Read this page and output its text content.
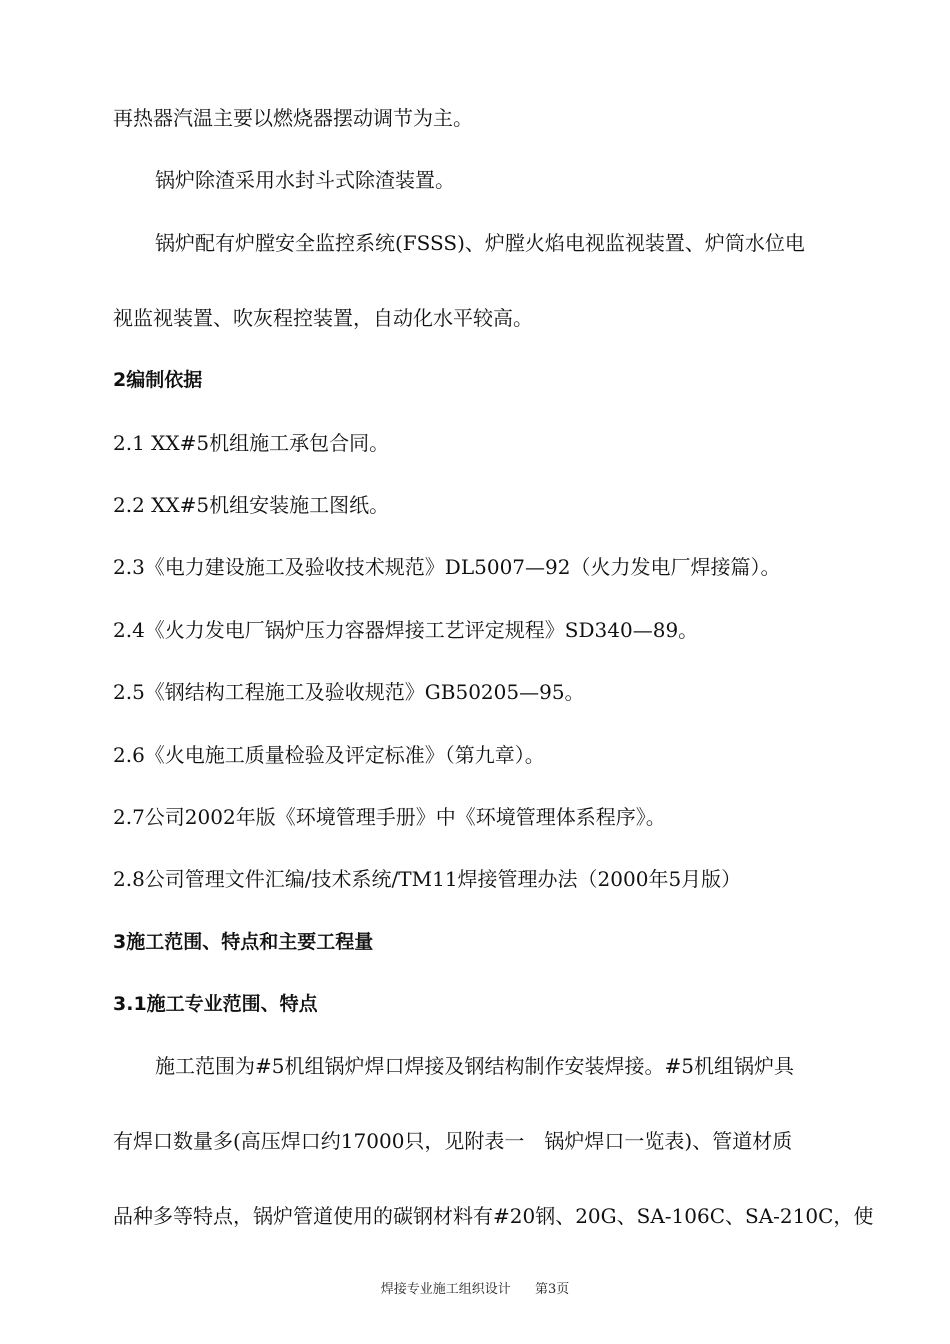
再热器汽温主要以燃烧器摆动调节为主。

锅炉除渣采用水封斗式除渣装置。

锅炉配有炉膛安全监控系统(FSSS)、炉膛火焰电视监视装置、炉筒水位电

视监视装置、吹灰程控装置，自动化水平较高。

2编制依据

2.1 XX#5机组施工承包合同。

2.2 XX#5机组安装施工图纸。

2.3《电力建设施工及验收技术规范》DL5007—92（火力发电厂焊接篇）。

2.4《火力发电厂锅炉压力容器焊接工艺评定规程》SD340—89。

2.5《钢结构工程施工及验收规范》GB50205—95。

2.6《火电施工质量检验及评定标准》（第九章）。

2.7公司2002年版《环境管理手册》中《环境管理体系程序》。

2.8公司管理文件汇编/技术系统/TM11焊接管理办法（2000年5月版）

3施工范围、特点和主要工程量

3.1施工专业范围、特点

施工范围为#5机组锅炉焊口焊接及钢结构制作安装焊接。#5机组锅炉具

有焊口数量多(高压焊口约17000只，见附表一　锅炉焊口一览表)、管道材质

品种多等特点，锅炉管道使用的碳钢材料有#20钢、20G、SA-106C、SA-210C，使

焊接专业施工组织设计 第3页
